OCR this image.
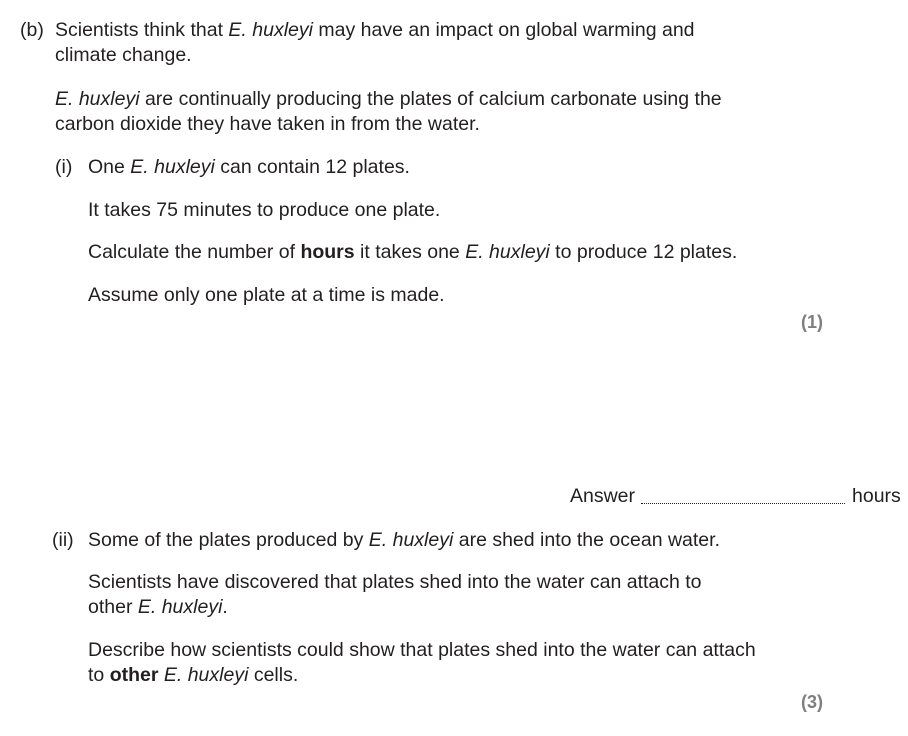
(b) Scientists think that E. huxleyi may have an impact on global warming and
climate change.
E. huxleyi are continually producing the plates of calcium carbonate using the
carbon dioxide they have taken in from the water.
(i) One E. huxleyi can contain 12 plates.
It takes 75 minutes to produce one plate.
Calculate the number of hours it takes one E. huxleyi to produce 12 plates.
Assume only one plate at a time is made.
(1)
Answer	hours
(ii) Some of the plates produced by E. huxleyi are shed into the ocean water.
Scientists have discovered that plates shed into the water can attach to
other E. huxleyi.
Describe how scientists could show that plates shed into the water can attach
to other E. huxleyi cells.
(3)
